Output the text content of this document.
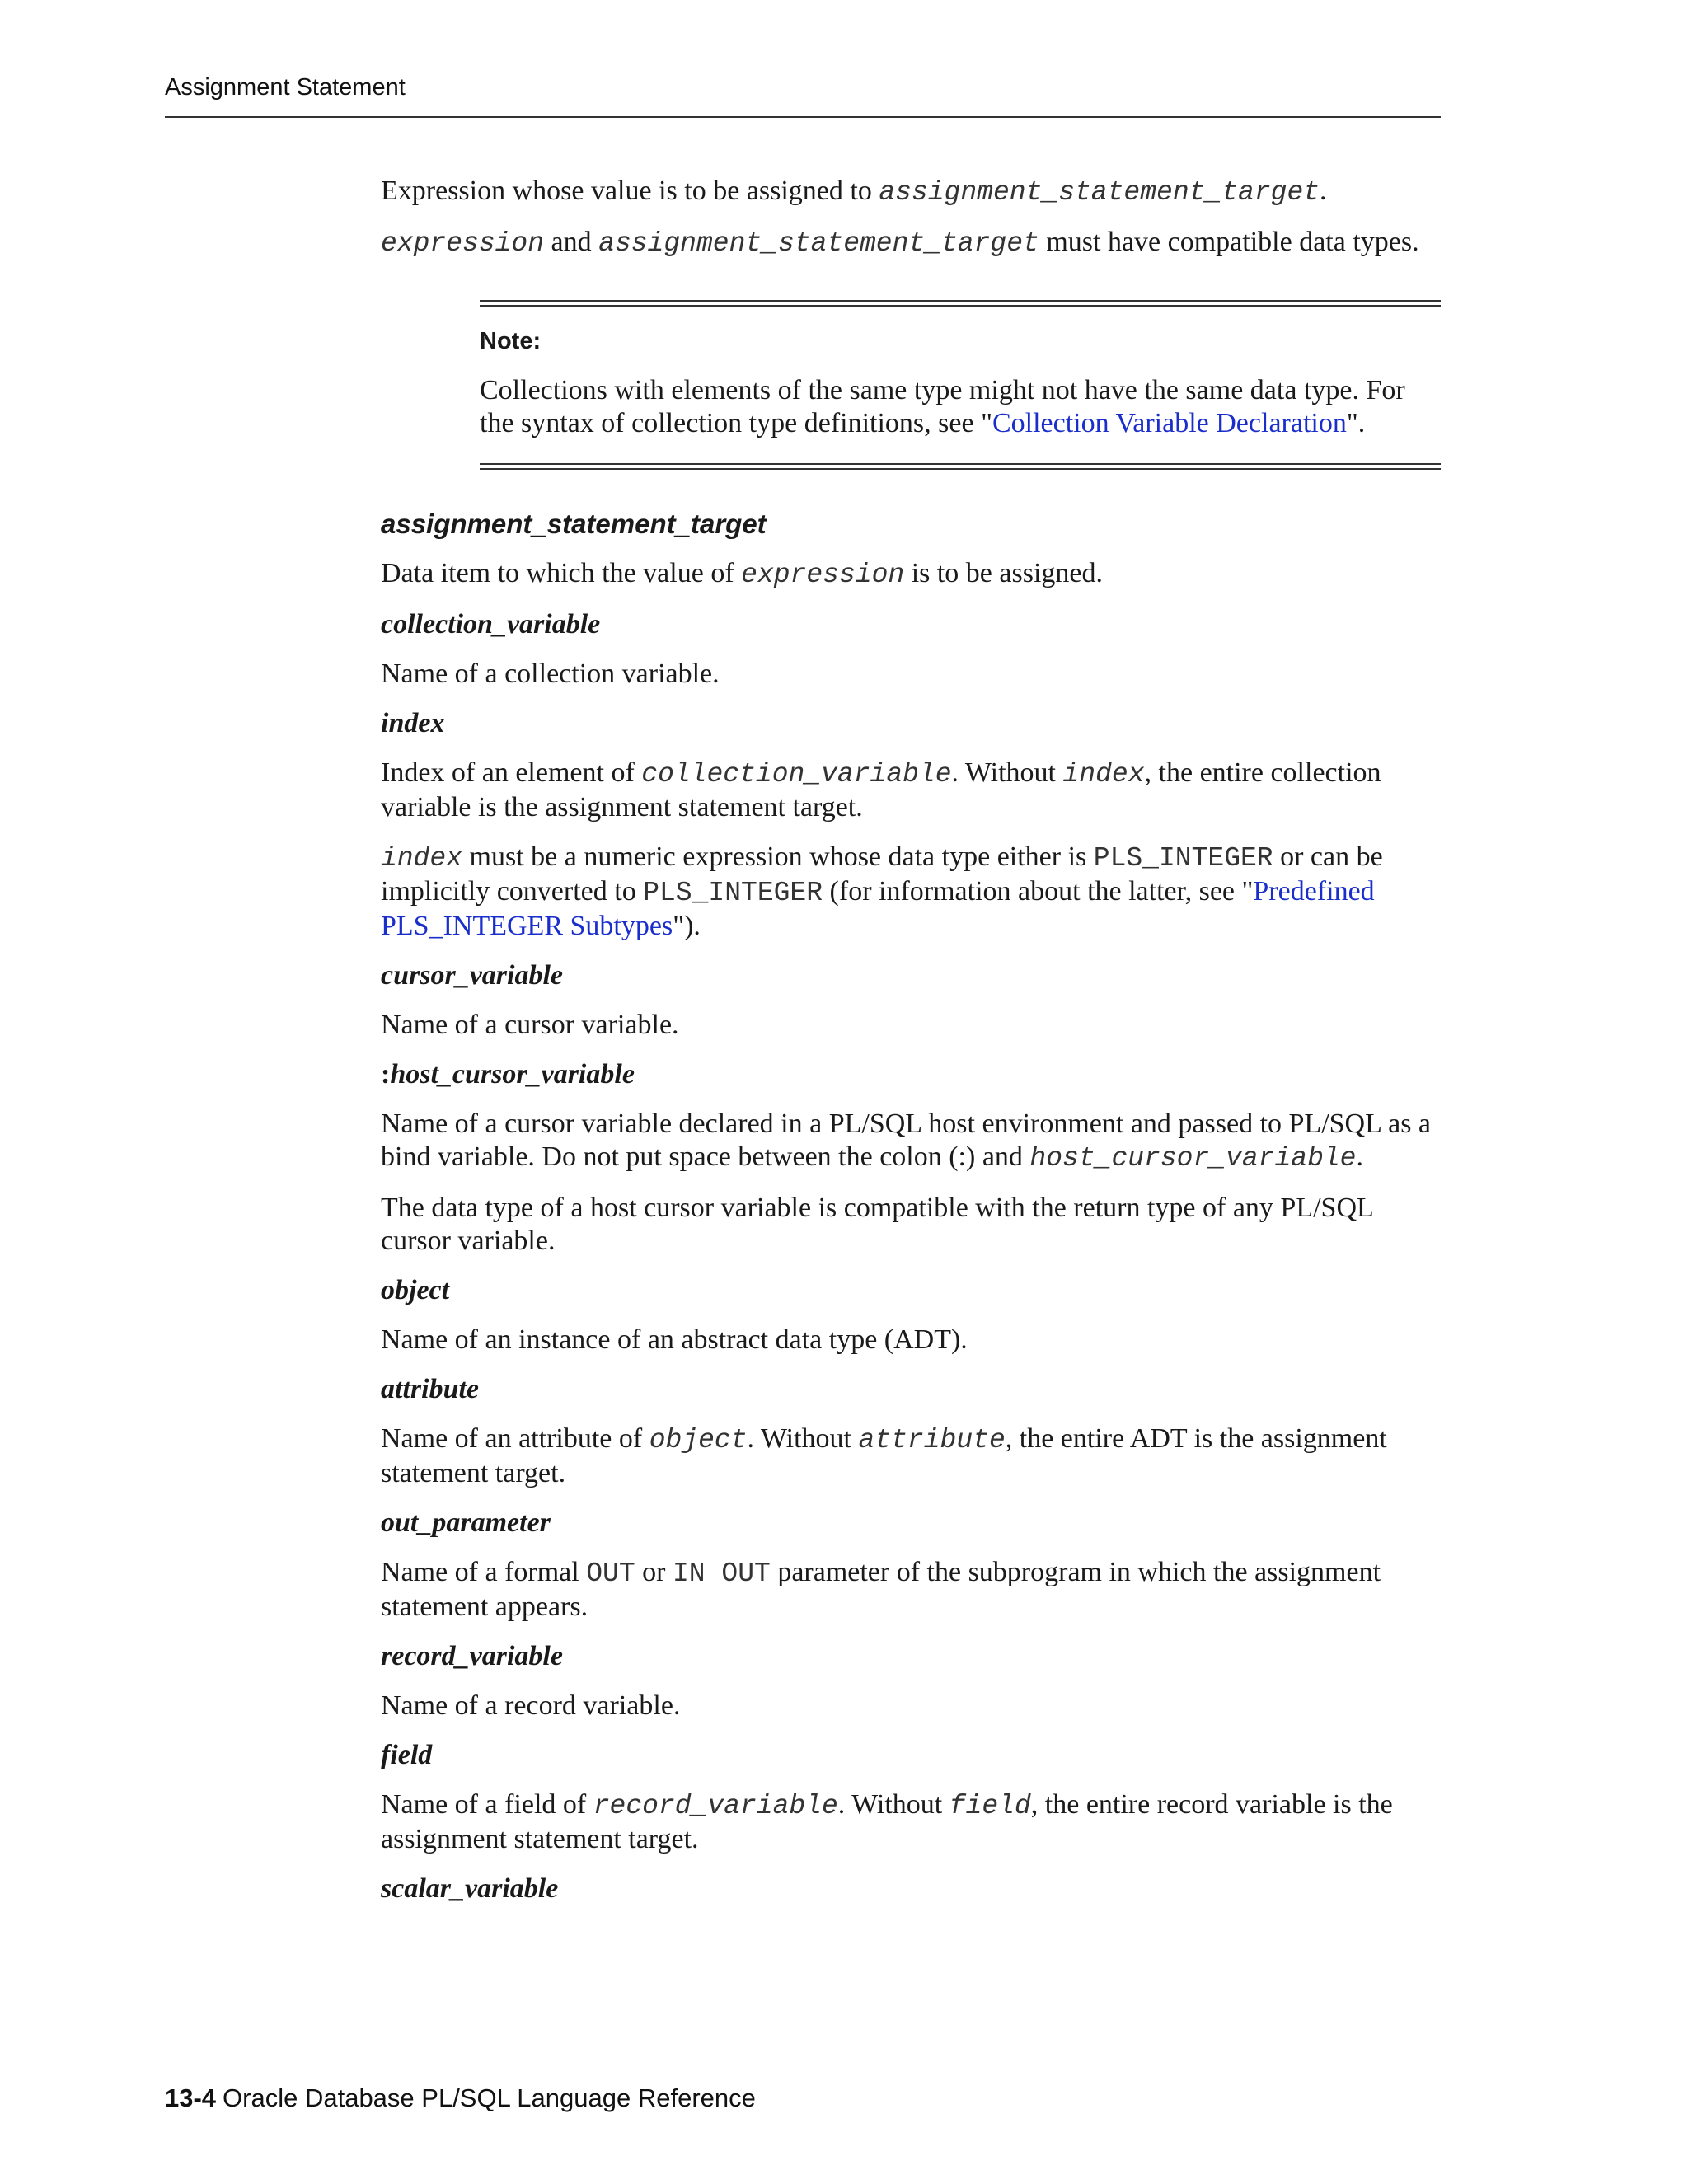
Assignment Statement

Expression whose value is to be assigned to assignment_statement_target.

expression and assignment_statement_target must have compatible data types.

Note:

Collections with elements of the same type might not have the same data type. For the syntax of collection type definitions, see "Collection Variable Declaration".

assignment_statement_target

Data item to which the value of expression is to be assigned.

collection_variable

Name of a collection variable.

index

Index of an element of collection_variable. Without index, the entire collection variable is the assignment statement target.

index must be a numeric expression whose data type either is PLS_INTEGER or can be implicitly converted to PLS_INTEGER (for information about the latter, see "Predefined PLS_INTEGER Subtypes").

cursor_variable

Name of a cursor variable.

:host_cursor_variable

Name of a cursor variable declared in a PL/SQL host environment and passed to PL/SQL as a bind variable. Do not put space between the colon (:) and host_cursor_variable.

The data type of a host cursor variable is compatible with the return type of any PL/SQL cursor variable.

object

Name of an instance of an abstract data type (ADT).

attribute

Name of an attribute of object. Without attribute, the entire ADT is the assignment statement target.

out_parameter

Name of a formal OUT or IN OUT parameter of the subprogram in which the assignment statement appears.

record_variable

Name of a record variable.

field

Name of a field of record_variable. Without field, the entire record variable is the assignment statement target.

scalar_variable
13-4 Oracle Database PL/SQL Language Reference
